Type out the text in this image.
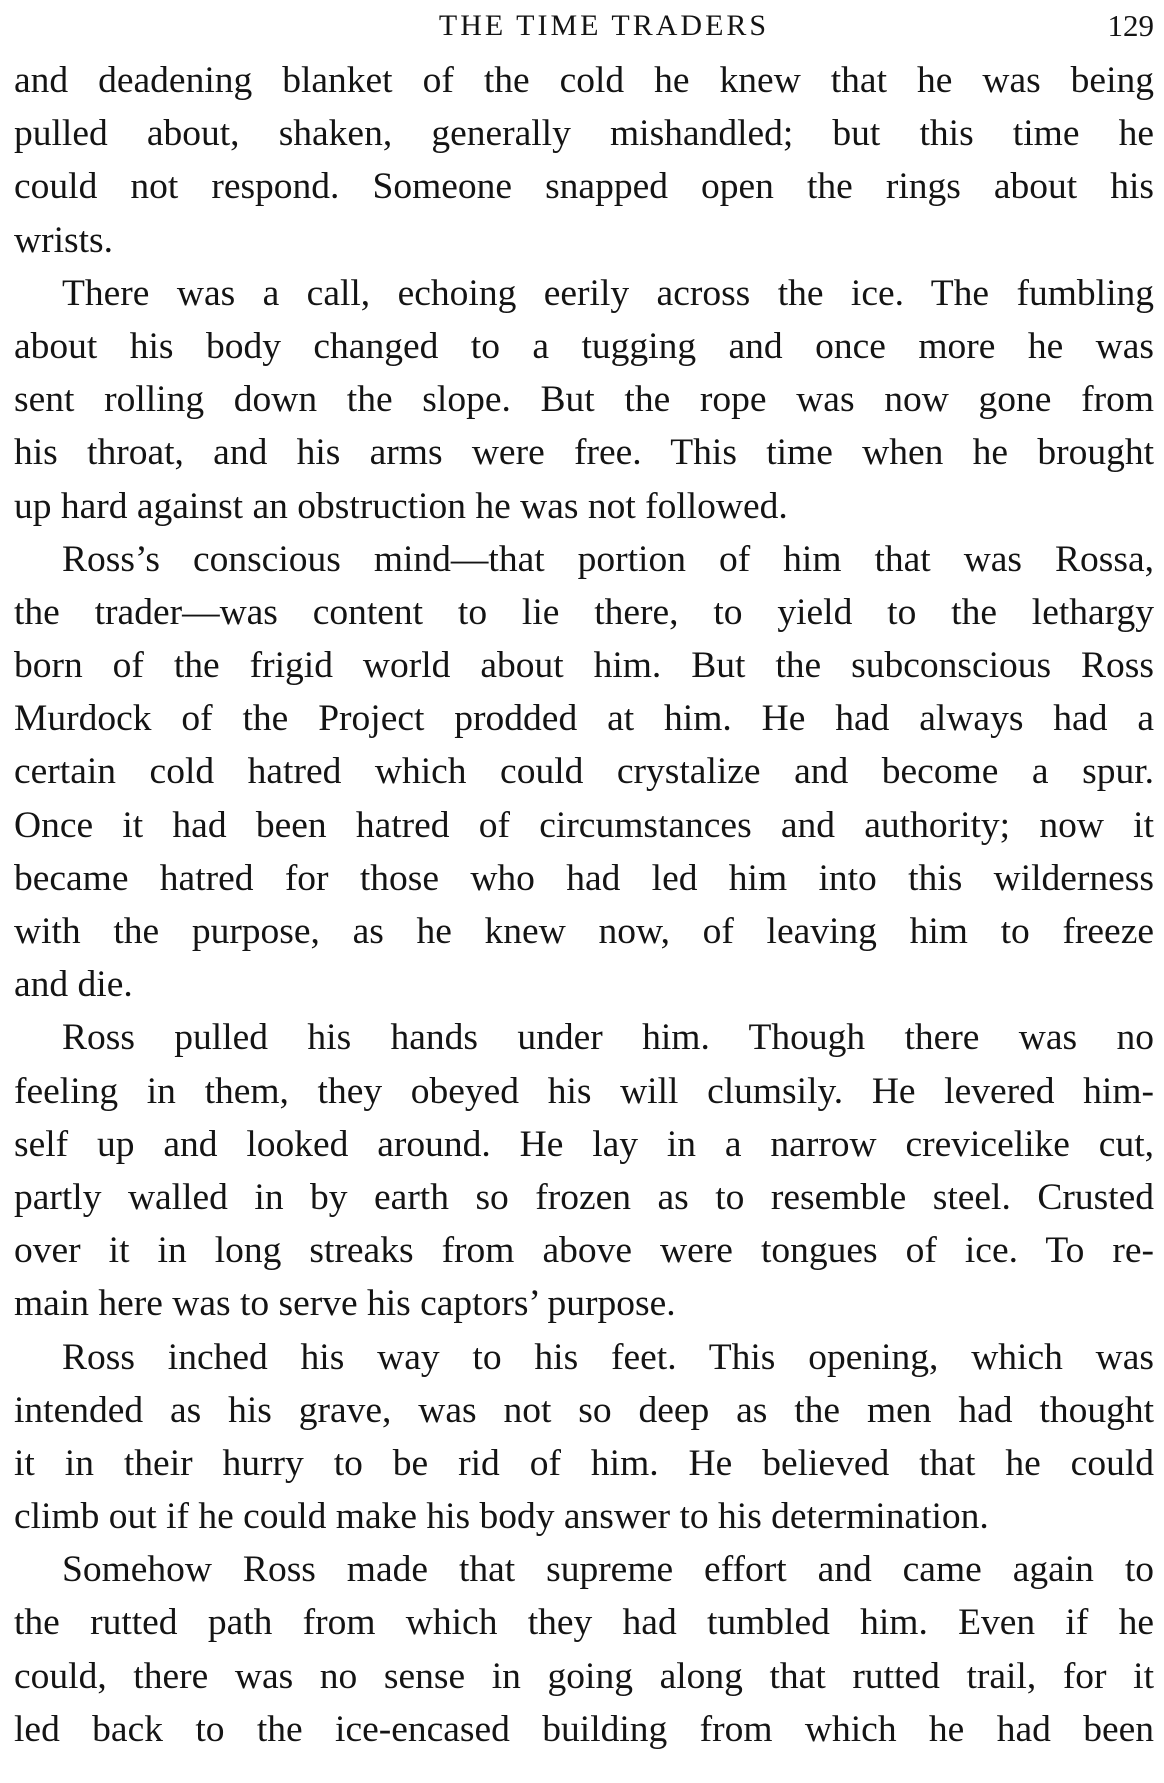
THE TIME TRADERS	129
and deadening blanket of the cold he knew that he was being
pulled about, shaken, generally mishandled; but this time he
could not respond. Someone snapped open the rings about his
wrists.
There was a call, echoing eerily across the ice. The fumbling
about his body changed to a tugging and once more he was
sent rolling down the slope. But the rope was now gone from
his throat, and his arms were free. This time when he brought
up hard against an obstruction he was not followed.
Ross’s conscious mind—that portion of him that was Rossa,
the trader—was content to lie there, to yield to the lethargy
born of the frigid world about him. But the subconscious Ross
Murdock of the Project prodded at him. He had always had a
certain cold hatred which could crystalize and become a spur.
Once it had been hatred of circumstances and authority; now it
became hatred for those who had led him into this wilderness
with the purpose, as he knew now, of leaving him to freeze
and die.
Ross pulled his hands under him. Though there was no
feeling in them, they obeyed his will clumsily. He levered him-
self up and looked around. He lay in a narrow crevicelike cut,
partly walled in by earth so frozen as to resemble steel. Crusted
over it in long streaks from above were tongues of ice. To re-
main here was to serve his captors’ purpose.
Ross inched his way to his feet. This opening, which was
intended as his grave, was not so deep as the men had thought
it in their hurry to be rid of him. He believed that he could
climb out if he could make his body answer to his determination.
Somehow Ross made that supreme effort and came again to
the rutted path from which they had tumbled him. Even if he
could, there was no sense in going along that rutted trail, for it
led back to the ice-encased building from which he had been
